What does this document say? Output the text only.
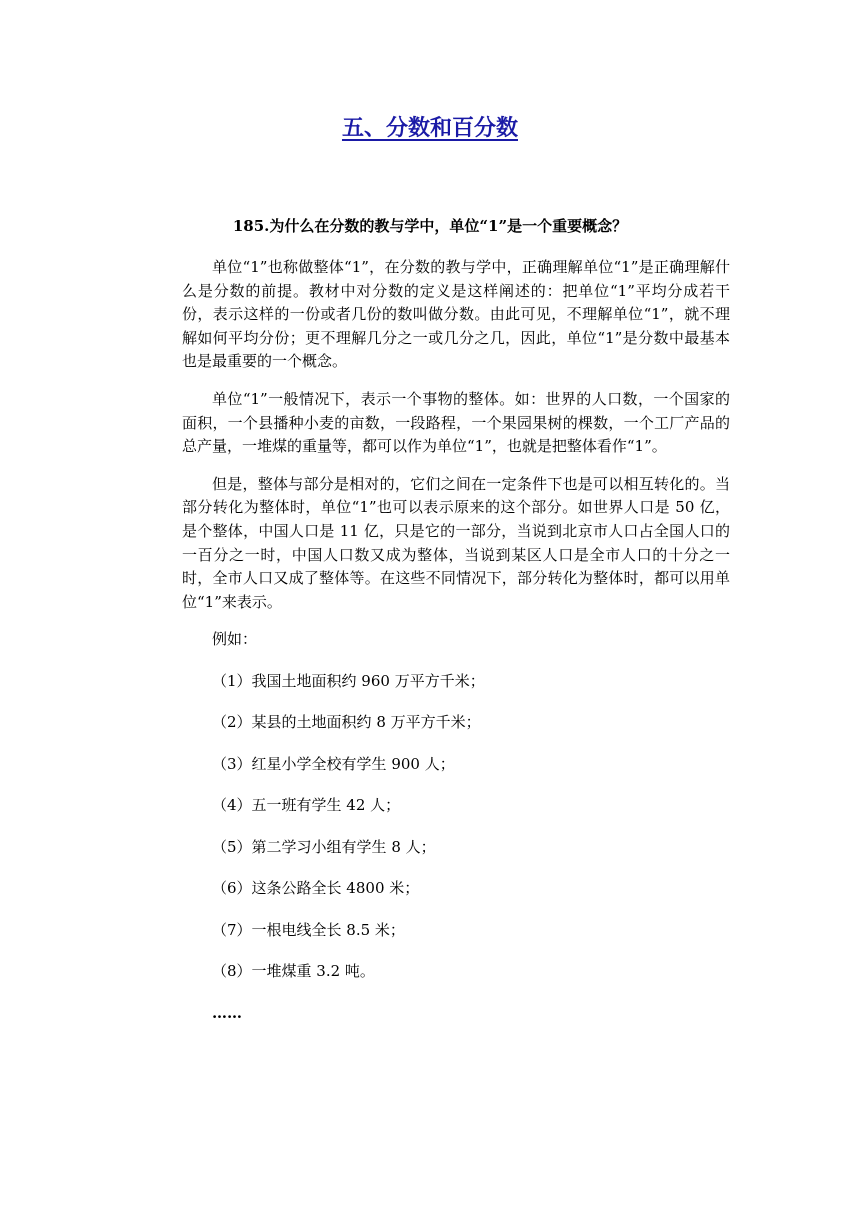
五、分数和百分数
185.为什么在分数的教与学中，单位“1”是一个重要概念？

单位“1”也称做整体“1”，在分数的教与学中，正确理解单位“1”是正确理解什么是分数的前提。教材中对分数的定义是这样阐述的：把单位“1”平均分成若干份，表示这样的一份或者几份的数叫做分数。由此可见，不理解单位“1”，就不理解如何平均分份；更不理解几分之一或几分之几，因此，单位“1”是分数中最基本也是最重要的一个概念。

单位“1”一般情况下，表示一个事物的整体。如：世界的人口数，一个国家的面积，一个县播种小麦的亩数，一段路程，一个果园果树的棵数，一个工厂产品的总产量，一堆煤的重量等，都可以作为单位“1”，也就是把整体看作“1”。

但是，整体与部分是相对的，它们之间在一定条件下也是可以相互转化的。当部分转化为整体时，单位“1”也可以表示原来的这个部分。如世界人口是 50 亿，是个整体，中国人口是 11 亿，只是它的一部分，当说到北京市人口占全国人口的一百分之一时，中国人口数又成为整体，当说到某区人口是全市人口的十分之一时，全市人口又成了整体等。在这些不同情况下，部分转化为整体时，都可以用单位“1”来表示。

例如：

（1）我国土地面积约 960 万平方千米；
（2）某县的土地面积约 8 万平方千米；
（3）红星小学全校有学生 900 人；
（4）五一班有学生 42 人；
（5）第二学习小组有学生 8 人；
（6）这条公路全长 4800 米；
（7）一根电线全长 8.5 米；
（8）一堆煤重 3.2 吨。
……
